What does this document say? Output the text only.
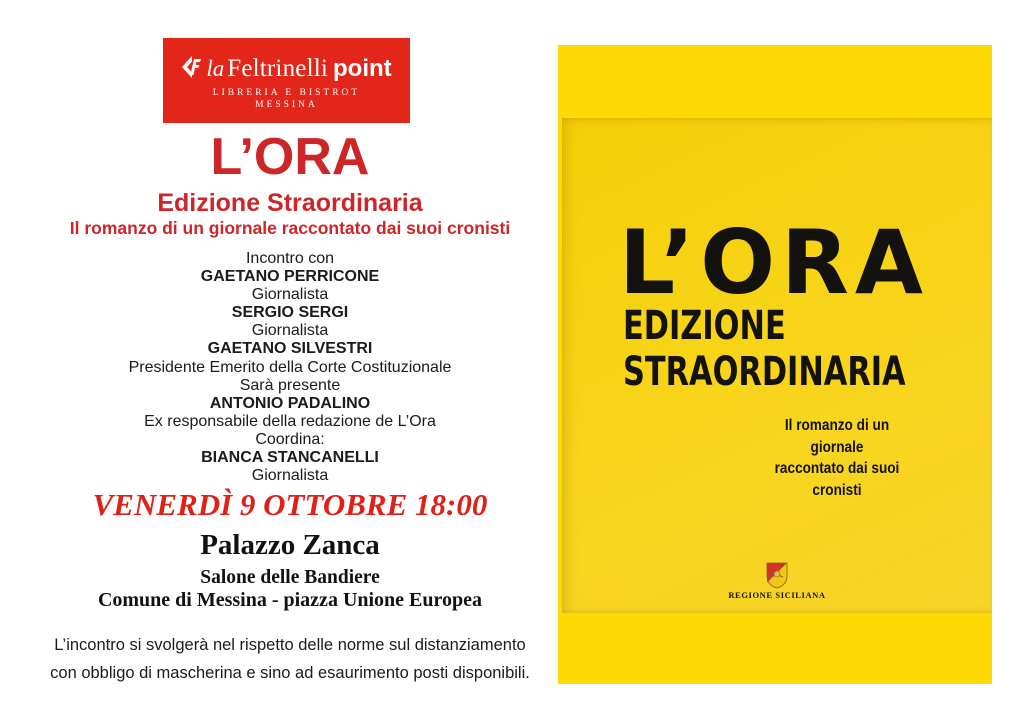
la Feltrinelli point
LIBRERIA E BISTROT
MESSINA
L’ORA
Edizione Straordinaria
Il romanzo di un giornale raccontato dai suoi cronisti
Incontro con
GAETANO PERRICONE
Giornalista
SERGIO SERGI
Giornalista
GAETANO SILVESTRI
Presidente Emerito della Corte Costituzionale
Sarà presente
ANTONIO PADALINO
Ex responsabile della redazione de L’Ora
Coordina:
BIANCA STANCANELLI
Giornalista
VENERDÌ 9 OTTOBRE 18:00
Palazzo Zanca
Salone delle Bandiere
Comune di Messina - piazza Unione Europea
L’incontro si svolgerà nel rispetto delle norme sul distanziamento
con obbligo di mascherina e sino ad esaurimento posti disponibili.
L’ORA
EDIZIONE
STRAORDINARIA
Il romanzo di un giornale
raccontato dai suoi cronisti
REGIONE SICILIANA
